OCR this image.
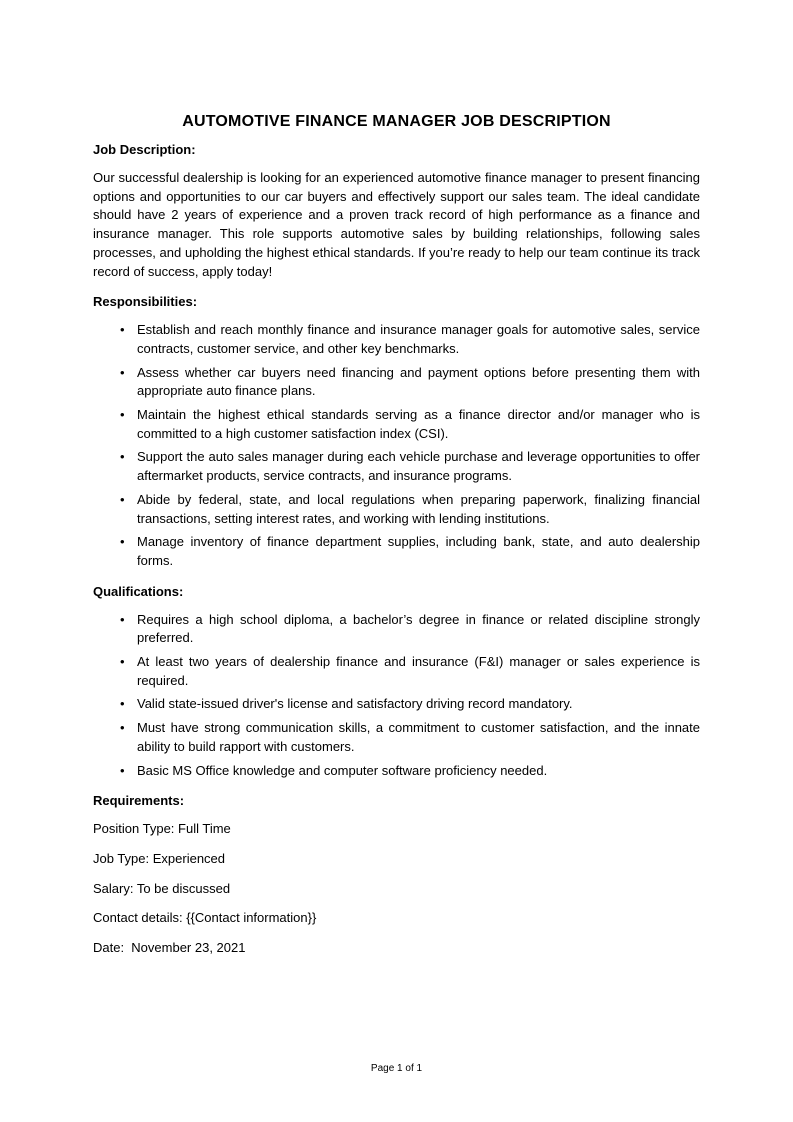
AUTOMOTIVE FINANCE MANAGER JOB DESCRIPTION
Job Description:

Our successful dealership is looking for an experienced automotive finance manager to present financing options and opportunities to our car buyers and effectively support our sales team. The ideal candidate should have 2 years of experience and a proven track record of high performance as a finance and insurance manager. This role supports automotive sales by building relationships, following sales processes, and upholding the highest ethical standards. If you’re ready to help our team continue its track record of success, apply today!

Responsibilities:
• Establish and reach monthly finance and insurance manager goals for automotive sales, service contracts, customer service, and other key benchmarks.
• Assess whether car buyers need financing and payment options before presenting them with appropriate auto finance plans.
• Maintain the highest ethical standards serving as a finance director and/or manager who is committed to a high customer satisfaction index (CSI).
• Support the auto sales manager during each vehicle purchase and leverage opportunities to offer aftermarket products, service contracts, and insurance programs.
• Abide by federal, state, and local regulations when preparing paperwork, finalizing financial transactions, setting interest rates, and working with lending institutions.
• Manage inventory of finance department supplies, including bank, state, and auto dealership forms.
Qualifications:
• Requires a high school diploma, a bachelor’s degree in finance or related discipline strongly preferred.
• At least two years of dealership finance and insurance (F&I) manager or sales experience is required.
• Valid state-issued driver's license and satisfactory driving record mandatory.
• Must have strong communication skills, a commitment to customer satisfaction, and the innate ability to build rapport with customers.
• Basic MS Office knowledge and computer software proficiency needed.
Requirements:

Position Type: Full Time

Job Type: Experienced

Salary: To be discussed

Contact details: {{Contact information}}

Date:  November 23, 2021

Page 1 of 1
